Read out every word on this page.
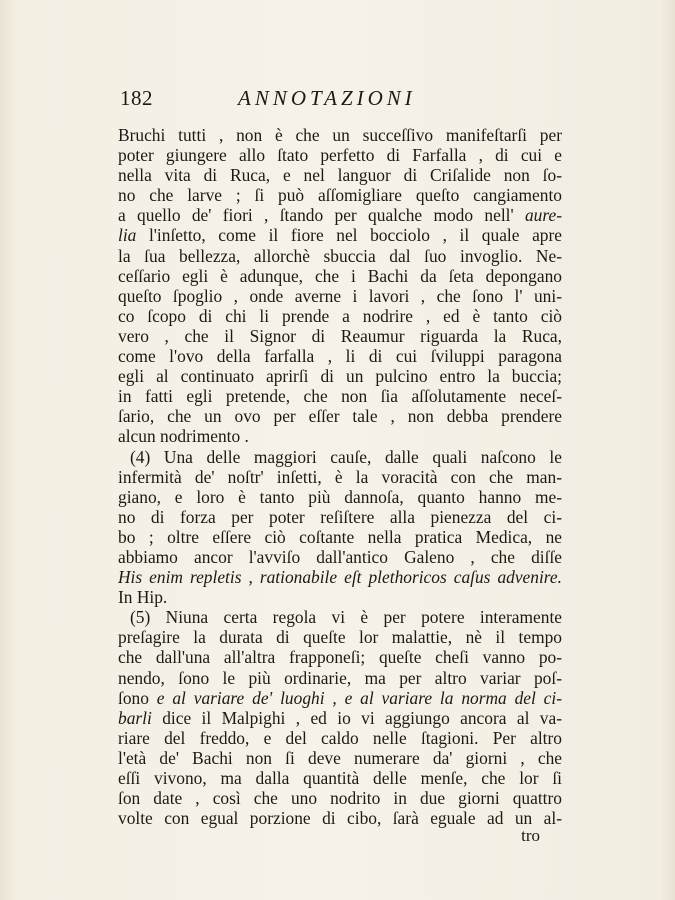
182	ANNOTAZIONI
Bruchi tutti , non è che un succeſſivo manifeſtarſi per
poter giungere allo ſtato perfetto di Farfalla , di cui e
nella vita di Ruca, e nel languor di Criſalide non ſo-
no che larve ; ſi può aſſomigliare queſto cangiamento
a quello de' fiori , ſtando per qualche modo nell' aure-
lia l'inſetto, come il fiore nel bocciolo , il quale apre
la ſua bellezza, allorchè sbuccia dal ſuo invoglio. Ne-
ceſſario egli è adunque, che i Bachi da ſeta depongano
queſto ſpoglio , onde averne i lavori , che ſono l' uni-
co ſcopo di chi li prende a nodrire , ed è tanto ciò
vero , che il Signor di Reaumur riguarda la Ruca,
come l'ovo della farfalla , li di cui ſviluppi paragona
egli al continuato aprirſi di un pulcino entro la buccia;
in fatti egli pretende, che non ſia aſſolutamente neceſ-
ſario, che un ovo per eſſer tale , non debba prendere
alcun nodrimento .
(4) Una delle maggiori cauſe, dalle quali naſcono le
infermità de' noſtr' inſetti, è la voracità con che man-
giano, e loro è tanto più dannoſa, quanto hanno me-
no di forza per poter reſiſtere alla pienezza del ci-
bo ; oltre eſſere ciò coſtante nella pratica Medica, ne
abbiamo ancor l'avviſo dall'antico Galeno , che diſſe
His enim repletis , rationabile eſt plethoricos caſus advenire.
In Hip.
(5) Niuna certa regola vi è per potere interamente
preſagire la durata di queſte lor malattie, nè il tempo
che dall'una all'altra frapponeſi; queſte cheſi vanno po-
nendo, ſono le più ordinarie, ma per altro variar poſ-
ſono e al variare de' luoghi , e al variare la norma del ci-
barli dice il Malpighi , ed io vi aggiungo ancora al va-
riare del freddo, e del caldo nelle ſtagioni. Per altro
l'età de' Bachi non ſi deve numerare da' giorni , che
eſſi vivono, ma dalla quantità delle menſe, che lor ſi
ſon date , così che uno nodrito in due giorni quattro
volte con egual porzione di cibo, ſarà eguale ad un al-
tro
